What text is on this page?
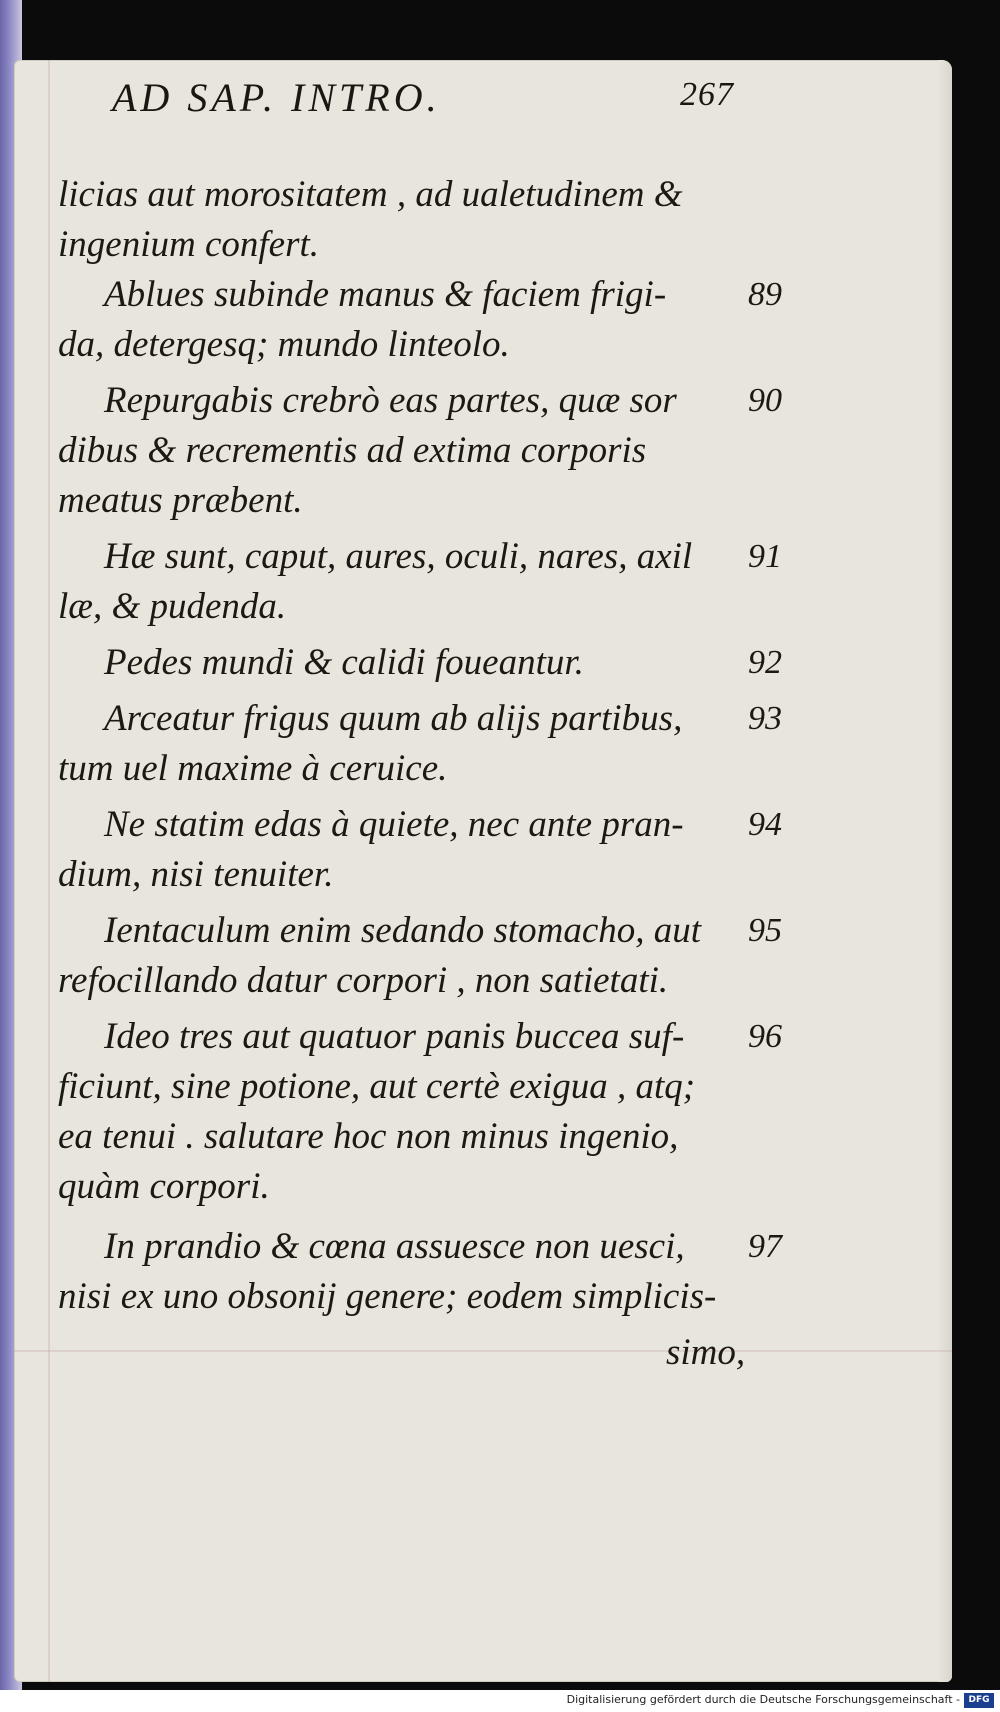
AD SAP. INTRO.	267
licias aut morositatem , ad ualetudinem &
ingenium confert.
Ablues subinde manus & faciem frigi-
da, detergesq; mundo linteolo.
Repurgabis crebrò eas partes, quæ sor
dibus & recrementis ad extima corporis
meatus præbent.
Hæ sunt, caput, aures, oculi, nares, axil
læ, & pudenda.
Pedes mundi & calidi foueantur.
Arceatur frigus quum ab alijs partibus,
tum uel maxime à ceruice.
Ne statim edas à quiete, nec ante pran-
dium, nisi tenuiter.
Ientaculum enim sedando stomacho, aut
refocillando datur corpori , non satietati.
Ideo tres aut quatuor panis buccea suf-
ficiunt, sine potione, aut certè exigua , atq;
ea tenui . salutare hoc non minus ingenio,
quàm corpori.
In prandio & cœna assuesce non uesci,
nisi ex uno obsonij genere; eodem simplicis-
simo,
89
90
91
92
93
94
95
96
97
Digitalisierung gefördert durch die Deutsche Forschungsgemeinschaft - DFG
